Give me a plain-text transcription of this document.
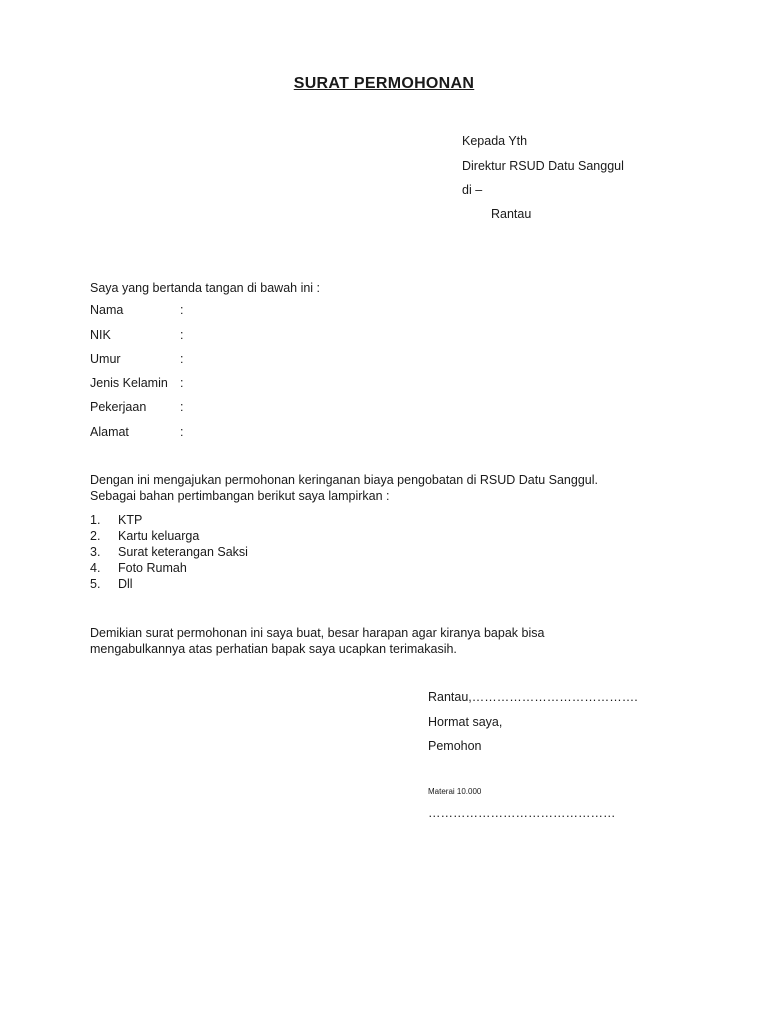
SURAT PERMOHONAN
Kepada Yth
Direktur RSUD Datu Sanggul
di –
Rantau
Saya yang bertanda tangan di bawah ini :
Nama	:
NIK	:
Umur	:
Jenis Kelamin :
Pekerjaan	:
Alamat	:
Dengan ini mengajukan permohonan keringanan biaya pengobatan di RSUD Datu Sanggul.
Sebagai bahan pertimbangan berikut saya lampirkan :
1. KTP
2. Kartu keluarga
3. Surat keterangan Saksi
4. Foto Rumah
5. Dll
Demikian surat permohonan ini saya buat, besar harapan agar kiranya bapak bisa
mengabulkannya atas perhatian bapak saya ucapkan terimakasih.
Rantau,………………………………….
Hormat saya,
Pemohon
Materai 10.000
………………………………………
